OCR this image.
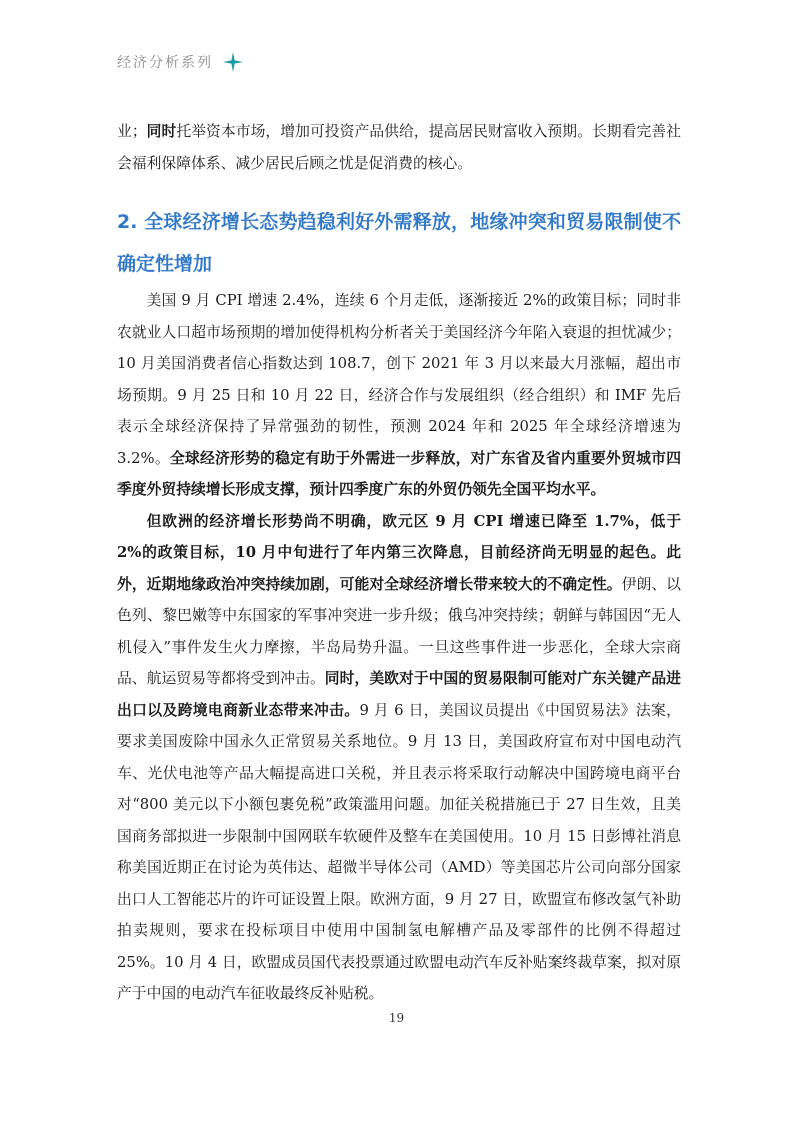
经济分析系列

业；同时托举资本市场，增加可投资产品供给，提高居民财富收入预期。长期看完善社会福利保障体系、减少居民后顾之忧是促消费的核心。

2. 全球经济增长态势趋稳利好外需释放，地缘冲突和贸易限制使不确定性增加

美国 9 月 CPI 增速 2.4%，连续 6 个月走低，逐渐接近 2%的政策目标；同时非农就业人口超市场预期的增加使得机构分析者关于美国经济今年陷入衰退的担忧减少；10 月美国消费者信心指数达到 108.7，创下 2021 年 3 月以来最大月涨幅，超出市场预期。9 月 25 日和 10 月 22 日，经济合作与发展组织（经合组织）和 IMF 先后表示全球经济保持了异常强劲的韧性，预测 2024 年和 2025 年全球经济增速为 3.2%。全球经济形势的稳定有助于外需进一步释放，对广东省及省内重要外贸城市四季度外贸持续增长形成支撑，预计四季度广东的外贸仍领先全国平均水平。

但欧洲的经济增长形势尚不明确，欧元区 9 月 CPI 增速已降至 1.7%，低于 2%的政策目标，10 月中旬进行了年内第三次降息，目前经济尚无明显的起色。此外，近期地缘政治冲突持续加剧，可能对全球经济增长带来较大的不确定性。伊朗、以色列、黎巴嫩等中东国家的军事冲突进一步升级；俄乌冲突持续；朝鲜与韩国因“无人机侵入”事件发生火力摩擦，半岛局势升温。一旦这些事件进一步恶化，全球大宗商品、航运贸易等都将受到冲击。同时，美欧对于中国的贸易限制可能对广东关键产品进出口以及跨境电商新业态带来冲击。9 月 6 日，美国议员提出《中国贸易法》法案，要求美国废除中国永久正常贸易关系地位。9 月 13 日，美国政府宣布对中国电动汽车、光伏电池等产品大幅提高进口关税，并且表示将采取行动解决中国跨境电商平台 对“800 美元以下小额包裹免税”政策滥用问题。加征关税措施已于 27 日生效，且美国商务部拟进一步限制中国网联车软硬件及整车在美国使用。10 月 15 日彭博社消息称美国近期正在讨论为英伟达、超微半导体公司（AMD）等美国芯片公司向部分国家出口人工智能芯片的许可证设置上限。欧洲方面，9 月 27 日，欧盟宣布修改氢气补助拍卖规则，要求在投标项目中使用中国制氢电解槽产品及零部件的比例不得超过 25%。10 月 4 日，欧盟成员国代表投票通过欧盟电动汽车反补贴案终裁草案，拟对原产于中国的电动汽车征收最终反补贴税。

19
